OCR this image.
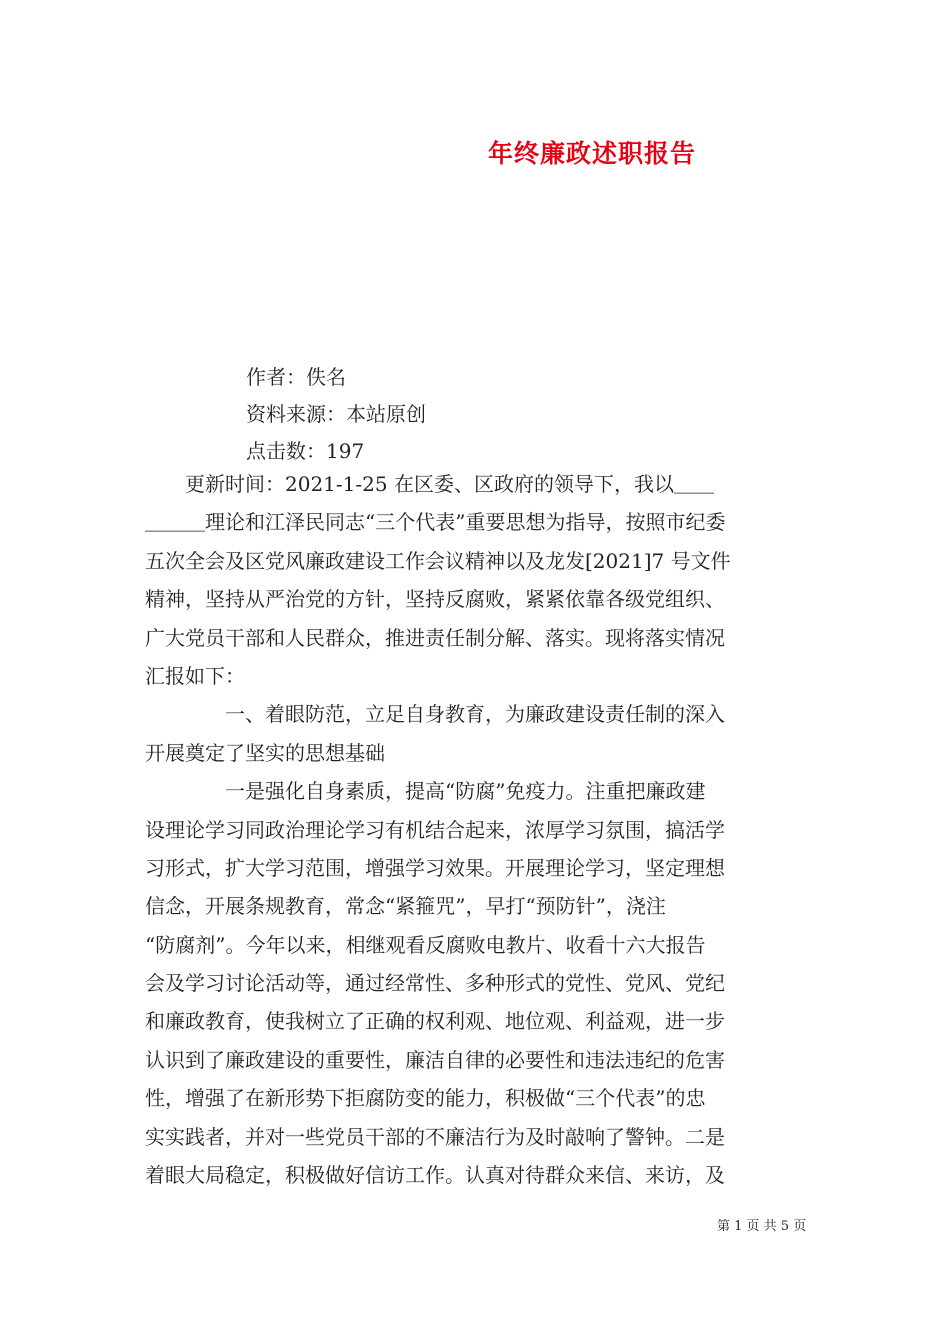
年终廉政述职报告
作者：佚名
资料来源：本站原创
点击数：197
　　更新时间：2021-1-25 在区委、区政府的领导下，我以＿＿
＿＿＿理论和江泽民同志“三个代表”重要思想为指导，按照市纪委
五次全会及区党风廉政建设工作会议精神以及龙发[2021]7 号文件
精神，坚持从严治党的方针，坚持反腐败，紧紧依靠各级党组织、
广大党员干部和人民群众，推进责任制分解、落实。现将落实情况
汇报如下：
　　　　一、着眼防范，立足自身教育，为廉政建设责任制的深入
开展奠定了坚实的思想基础
　　　　一是强化自身素质，提高“防腐”免疫力。注重把廉政建
设理论学习同政治理论学习有机结合起来，浓厚学习氛围，搞活学
习形式，扩大学习范围，增强学习效果。开展理论学习，坚定理想
信念，开展条规教育，常念“紧箍咒”，早打“预防针”，浇注
“防腐剂”。今年以来，相继观看反腐败电教片、收看十六大报告
会及学习讨论活动等，通过经常性、多种形式的党性、党风、党纪
和廉政教育，使我树立了正确的权利观、地位观、利益观，进一步
认识到了廉政建设的重要性，廉洁自律的必要性和违法违纪的危害
性，增强了在新形势下拒腐防变的能力，积极做“三个代表”的忠
实实践者，并对一些党员干部的不廉洁行为及时敲响了警钟。二是
着眼大局稳定，积极做好信访工作。认真对待群众来信、来访，及
第 1 页 共 5 页
